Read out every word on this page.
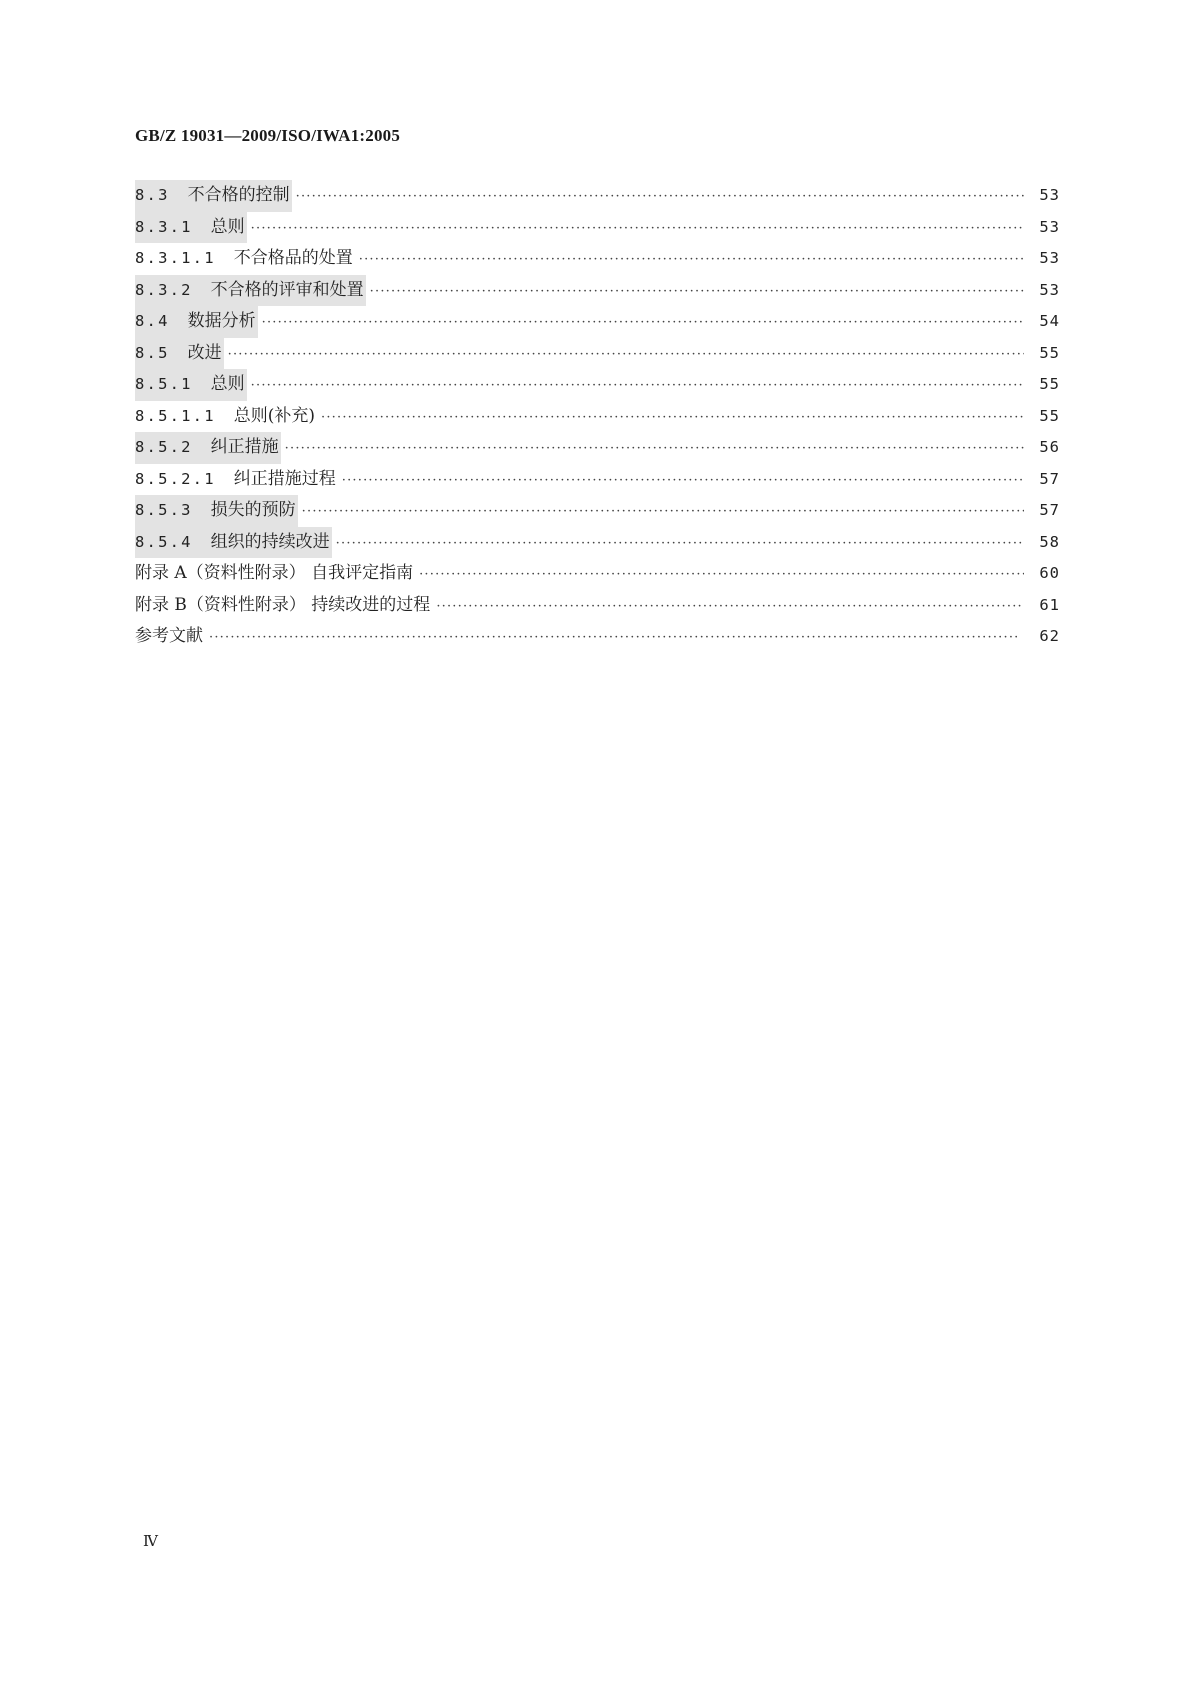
GB/Z 19031—2009/ISO/IWA1:2005
8.3 不合格的控制 ·····	53
8.3.1 总则 ·····	53
8.3.1.1 不合格品的处置 ·····	53
8.3.2 不合格的评审和处置 ·····	53
8.4 数据分析 ·····	54
8.5 改进 ·····	55
8.5.1 总则 ·····	55
8.5.1.1 总则(补充) ·····	55
8.5.2 纠正措施 ·····	56
8.5.2.1 纠正措施过程 ·····	57
8.5.3 损失的预防 ·····	57
8.5.4 组织的持续改进 ·····	58
附录 A（资料性附录） 自我评定指南 ·····	60
附录 B（资料性附录） 持续改进的过程 ·····	61
参考文献 ·····	62
Ⅳ
